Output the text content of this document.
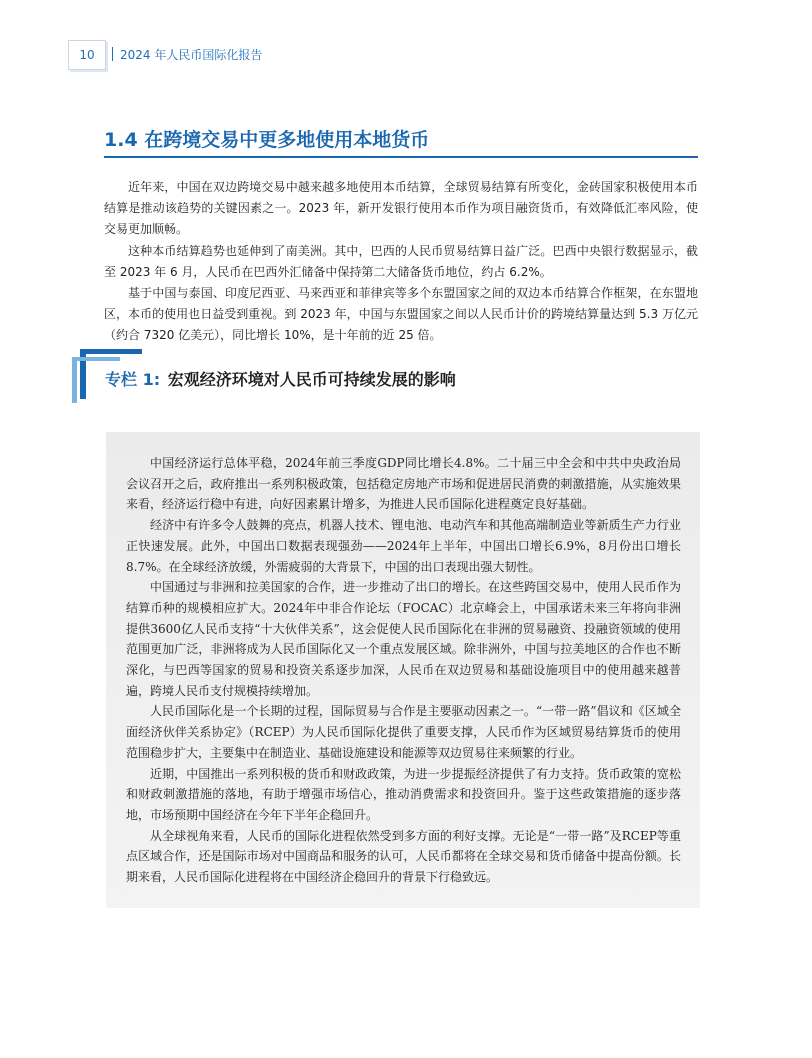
10 2024 年人民币国际化报告
1.4 在跨境交易中更多地使用本地货币

近年来，中国在双边跨境交易中越来越多地使用本币结算，全球贸易结算有所变化，金砖国家积极使用本币结算是推动该趋势的关键因素之一。2023 年，新开发银行使用本币作为项目融资货币，有效降低汇率风险，使交易更加顺畅。

这种本币结算趋势也延伸到了南美洲。其中，巴西的人民币贸易结算日益广泛。巴西中央银行数据显示，截至 2023 年 6 月，人民币在巴西外汇储备中保持第二大储备货币地位，约占 6.2%。

基于中国与泰国、印度尼西亚、马来西亚和菲律宾等多个东盟国家之间的双边本币结算合作框架，在东盟地区，本币的使用也日益受到重视。到 2023 年，中国与东盟国家之间以人民币计价的跨境结算量达到 5.3 万亿元（约合 7320 亿美元），同比增长 10%，是十年前的近 25 倍。

专栏 1: 宏观经济环境对人民币可持续发展的影响

中国经济运行总体平稳，2024年前三季度GDP同比增长4.8%。二十届三中全会和中共中央政治局会议召开之后，政府推出一系列积极政策，包括稳定房地产市场和促进居民消费的刺激措施，从实施效果来看，经济运行稳中有进，向好因素累计增多，为推进人民币国际化进程奠定良好基础。

经济中有许多令人鼓舞的亮点，机器人技术、锂电池、电动汽车和其他高端制造业等新质生产力行业正快速发展。此外，中国出口数据表现强劲——2024年上半年，中国出口增长6.9%，8月份出口增长8.7%。在全球经济放缓，外需疲弱的大背景下，中国的出口表现出强大韧性。

中国通过与非洲和拉美国家的合作，进一步推动了出口的增长。在这些跨国交易中，使用人民币作为结算币种的规模相应扩大。2024年中非合作论坛（FOCAC）北京峰会上，中国承诺未来三年将向非洲提供3600亿人民币支持“十大伙伴关系”，这会促使人民币国际化在非洲的贸易融资、投融资领域的使用范围更加广泛，非洲将成为人民币国际化又一个重点发展区域。除非洲外，中国与拉美地区的合作也不断深化，与巴西等国家的贸易和投资关系逐步加深，人民币在双边贸易和基础设施项目中的使用越来越普遍，跨境人民币支付规模持续增加。

人民币国际化是一个长期的过程，国际贸易与合作是主要驱动因素之一。“一带一路”倡议和《区域全面经济伙伴关系协定》（RCEP）为人民币国际化提供了重要支撑，人民币作为区域贸易结算货币的使用范围稳步扩大，主要集中在制造业、基础设施建设和能源等双边贸易往来频繁的行业。

近期，中国推出一系列积极的货币和财政政策，为进一步提振经济提供了有力支持。货币政策的宽松和财政刺激措施的落地，有助于增强市场信心，推动消费需求和投资回升。鉴于这些政策措施的逐步落地，市场预期中国经济在今年下半年企稳回升。

从全球视角来看，人民币的国际化进程依然受到多方面的利好支撑。无论是“一带一路”及RCEP等重点区域合作，还是国际市场对中国商品和服务的认可，人民币都将在全球交易和货币储备中提高份额。长期来看，人民币国际化进程将在中国经济企稳回升的背景下行稳致远。
